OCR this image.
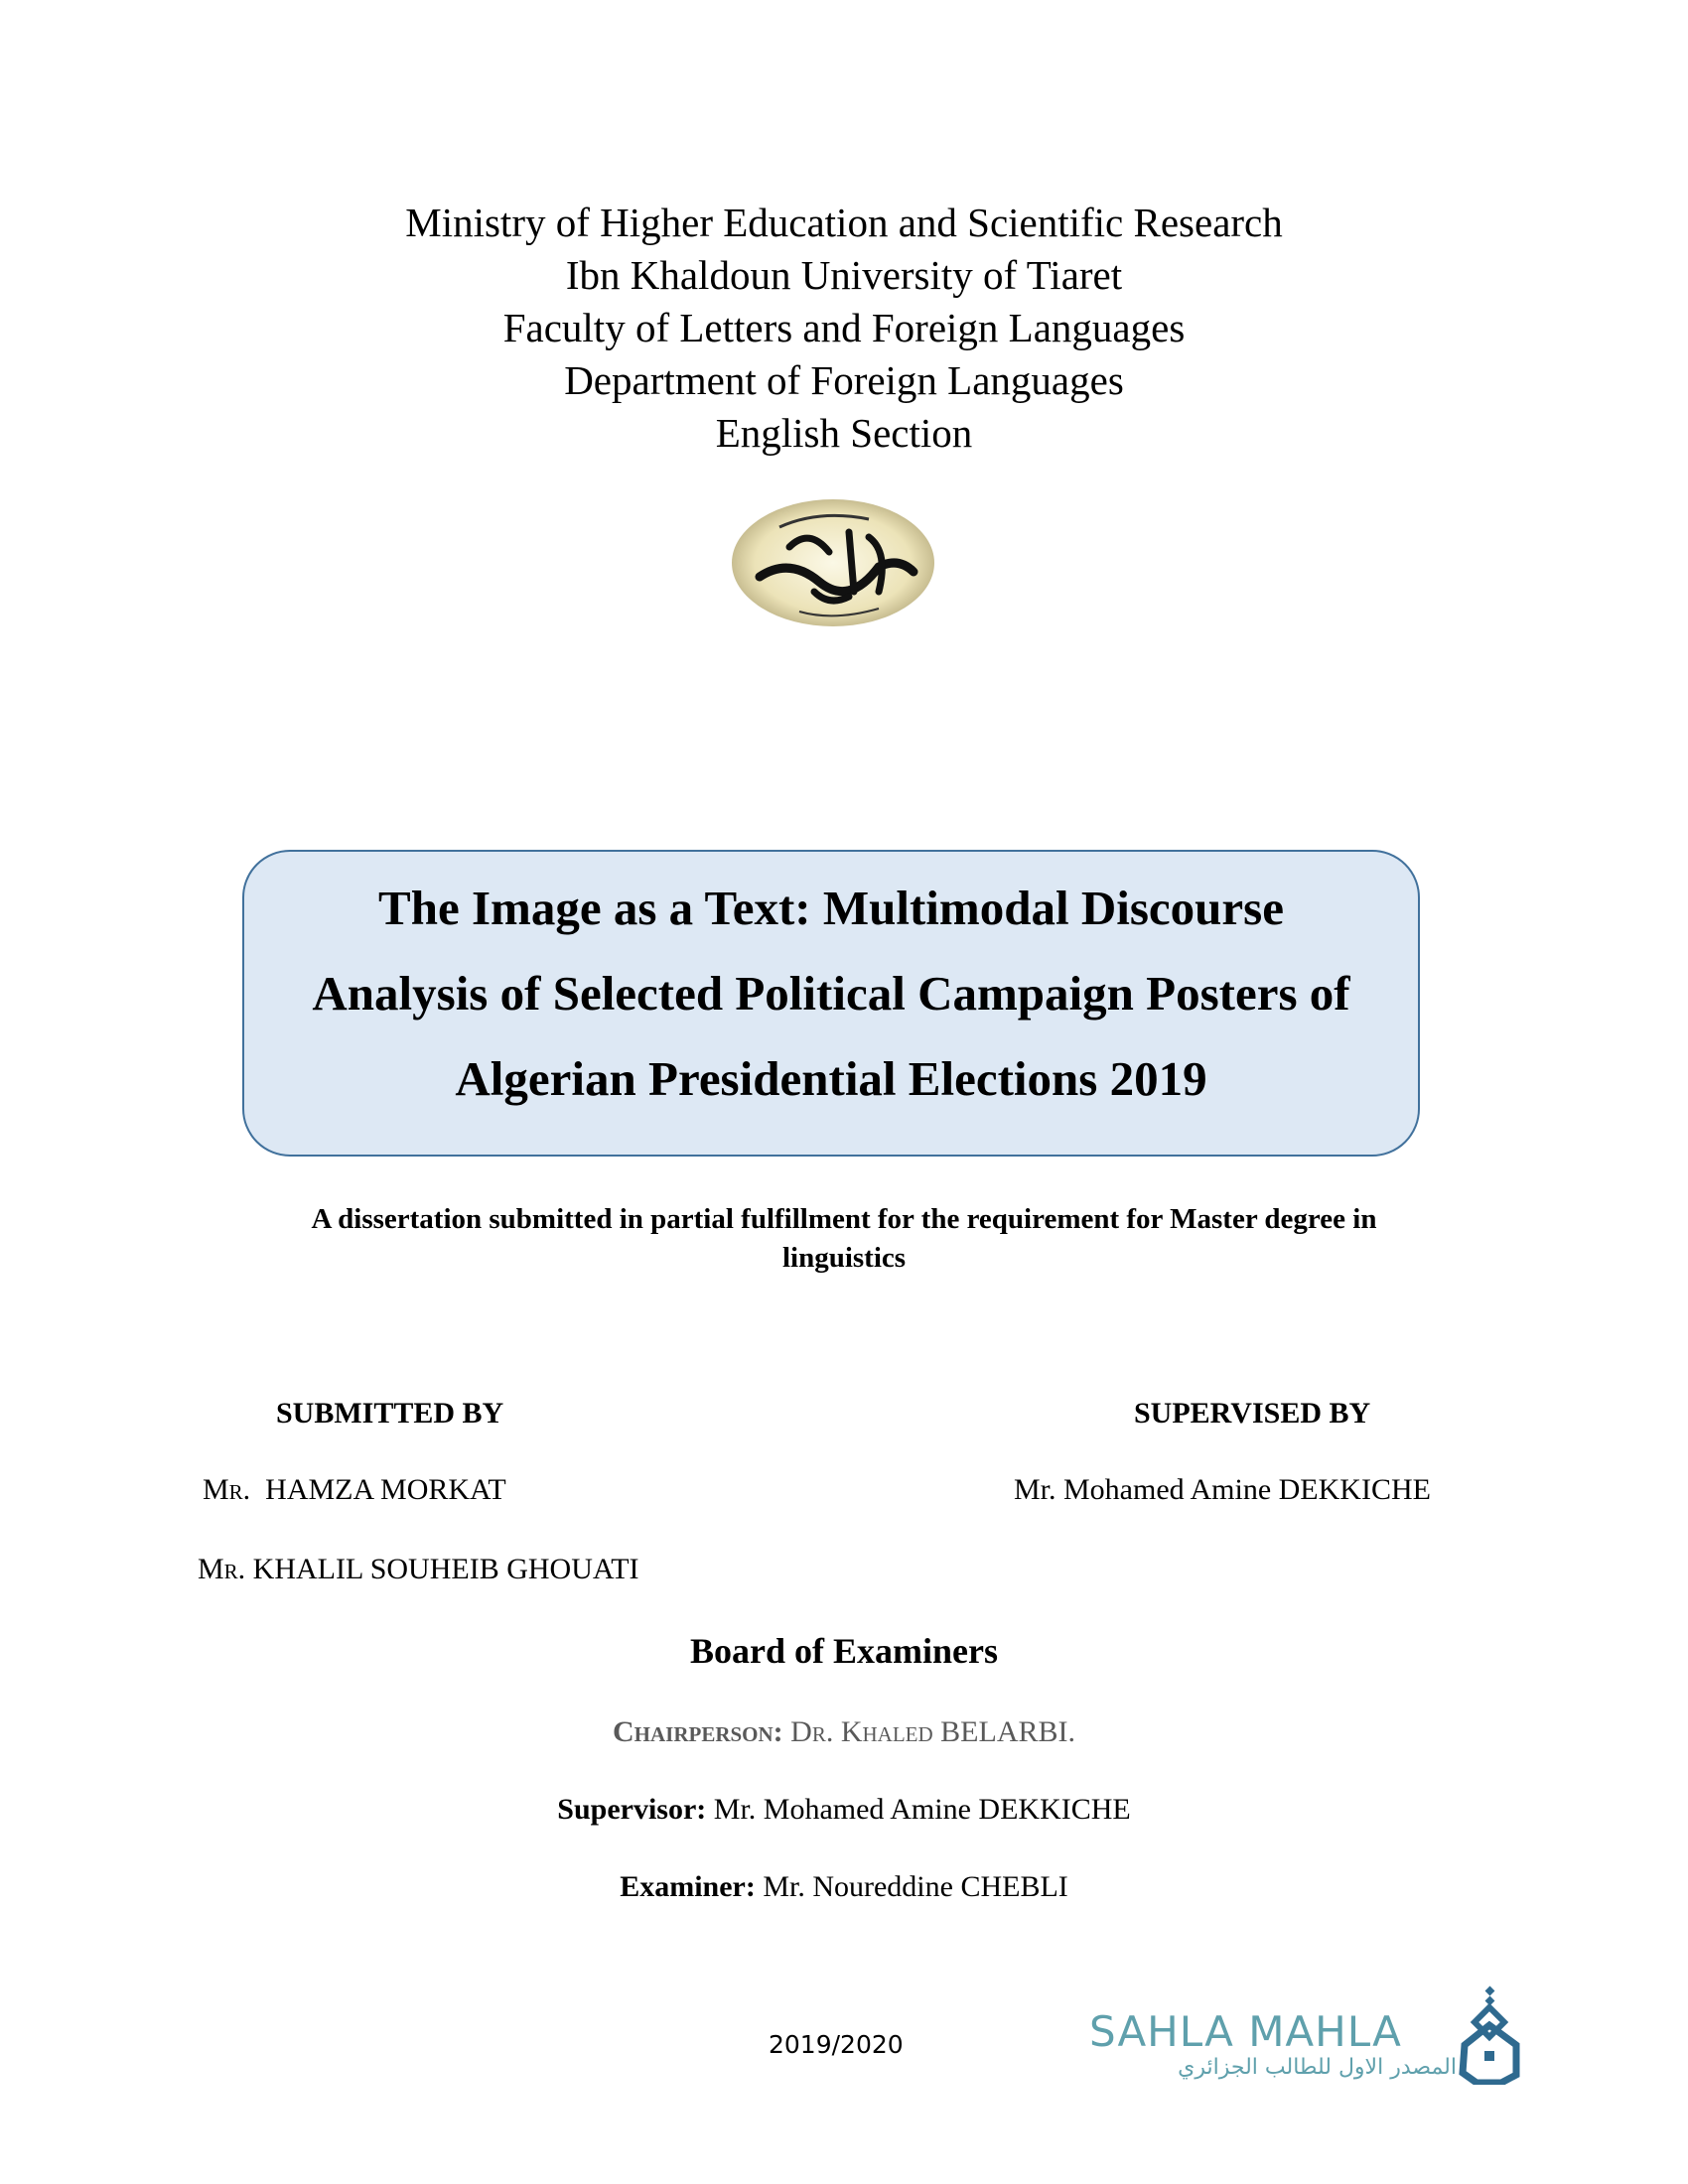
Ministry of Higher Education and Scientific Research
Ibn Khaldoun University of Tiaret
Faculty of Letters and Foreign Languages
Department of Foreign Languages
English Section
The Image as a Text: Multimodal Discourse
Analysis of Selected Political Campaign Posters of
Algerian Presidential Elections 2019
A dissertation submitted in partial fulfillment for the requirement for Master degree in
linguistics
SUBMITTED BY	SUPERVISED BY
Mr.  HAMZA MORKAT	Mr. Mohamed Amine DEKKICHE
Mr. KHALIL SOUHEIB GHOUATI
Board of Examiners
Chairperson: Dr. Khaled BELARBI.
Supervisor: Mr. Mohamed Amine DEKKICHE
Examiner: Mr. Noureddine CHEBLI
2019/2020	SAHLA MAHLA
المصدر الاول للطالب الجزائري
